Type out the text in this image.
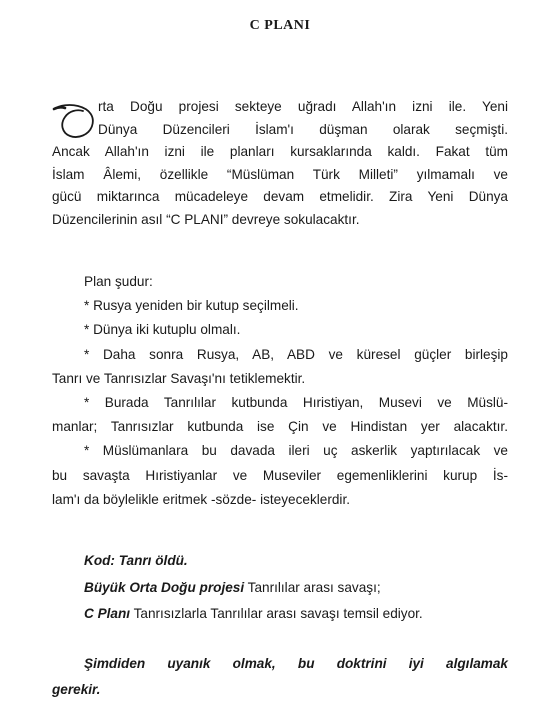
C PLANI
rta Doğu projesi sekteye uğradı Allah'ın izni ile. Yeni
Dünya Düzencileri İslam'ı düşman olarak seçmişti.
Ancak Allah'ın izni ile planları kursaklarında kaldı. Fakat tüm
İslam Âlemi, özellikle “Müslüman Türk Milleti” yılmamalı ve
gücü miktarınca mücadeleye devam etmelidir. Zira Yeni Dünya
Düzencilerinin asıl “C PLANI” devreye sokulacaktır.
Plan şudur:
* Rusya yeniden bir kutup seçilmeli.
* Dünya iki kutuplu olmalı.
* Daha sonra Rusya, AB, ABD ve küresel güçler birleşip
Tanrı ve Tanrısızlar Savaşı'nı tetiklemektir.
* Burada Tanrılılar kutbunda Hıristiyan, Musevi ve Müslü-
manlar; Tanrısızlar kutbunda ise Çin ve Hindistan yer alacaktır.
* Müslümanlara bu davada ileri uç askerlik yaptırılacak ve
bu savaşta Hıristiyanlar ve Museviler egemenliklerini kurup İs-
lam'ı da böylelikle eritmek -sözde- isteyeceklerdir.
Kod: Tanrı öldü.
Büyük Orta Doğu projesi Tanrılılar arası savaşı;
C Planı Tanrısızlarla Tanrılılar arası savaşı temsil ediyor.
Şimdiden uyanık olmak, bu doktrini iyi algılamak
gerekir.
